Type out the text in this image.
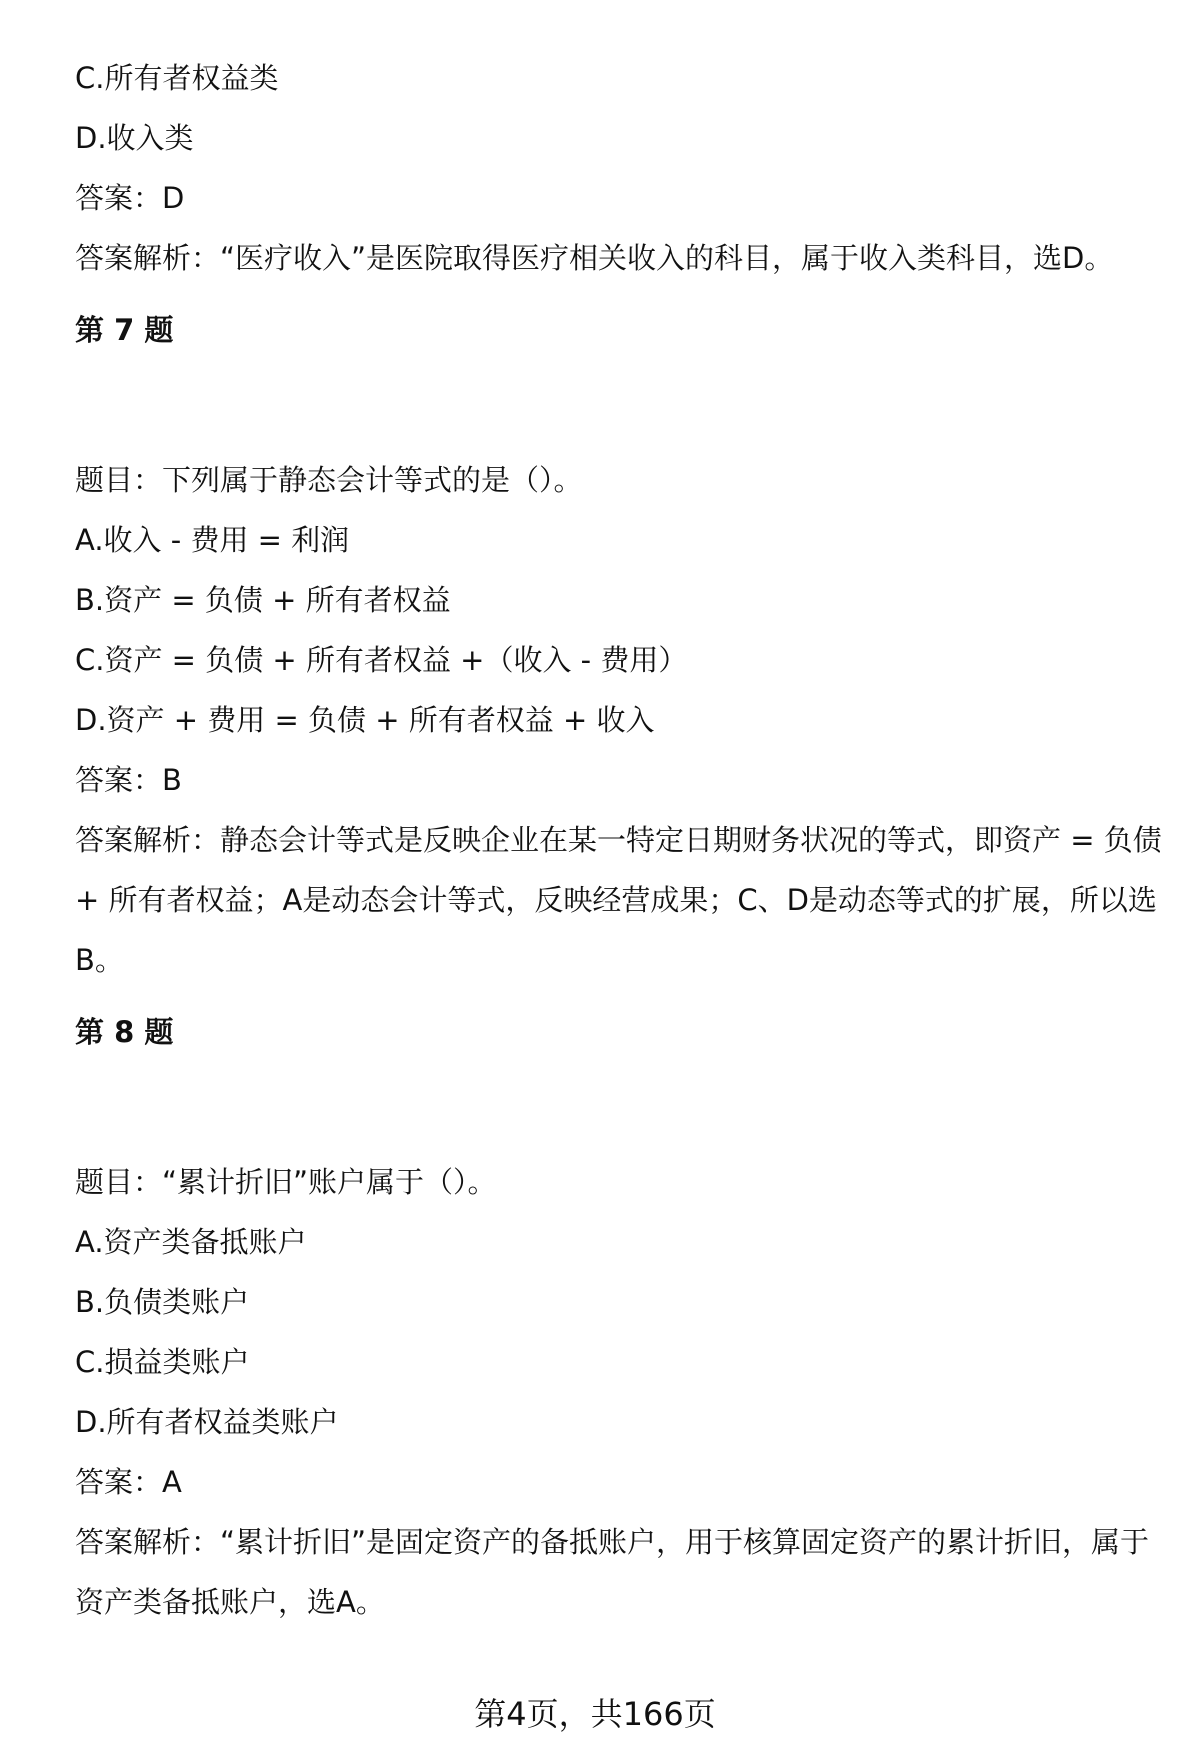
C.所有者权益类
D.收入类
答案：D
答案解析：“医疗收入”是医院取得医疗相关收入的科目，属于收入类科目，选D。
第 7 题
题目：下列属于静态会计等式的是（）。
A.收入 - 费用 = 利润
B.资产 = 负债 + 所有者权益
C.资产 = 负债 + 所有者权益 +（收入 - 费用）
D.资产 + 费用 = 负债 + 所有者权益 + 收入
答案：B
答案解析：静态会计等式是反映企业在某一特定日期财务状况的等式，即资产 = 负债 + 所有者权益；A是动态会计等式，反映经营成果；C、D是动态等式的扩展，所以选B。
第 8 题
题目：“累计折旧”账户属于（）。
A.资产类备抵账户
B.负债类账户
C.损益类账户
D.所有者权益类账户
答案：A
答案解析：“累计折旧”是固定资产的备抵账户，用于核算固定资产的累计折旧，属于资产类备抵账户，选A。
第4页，共166页
